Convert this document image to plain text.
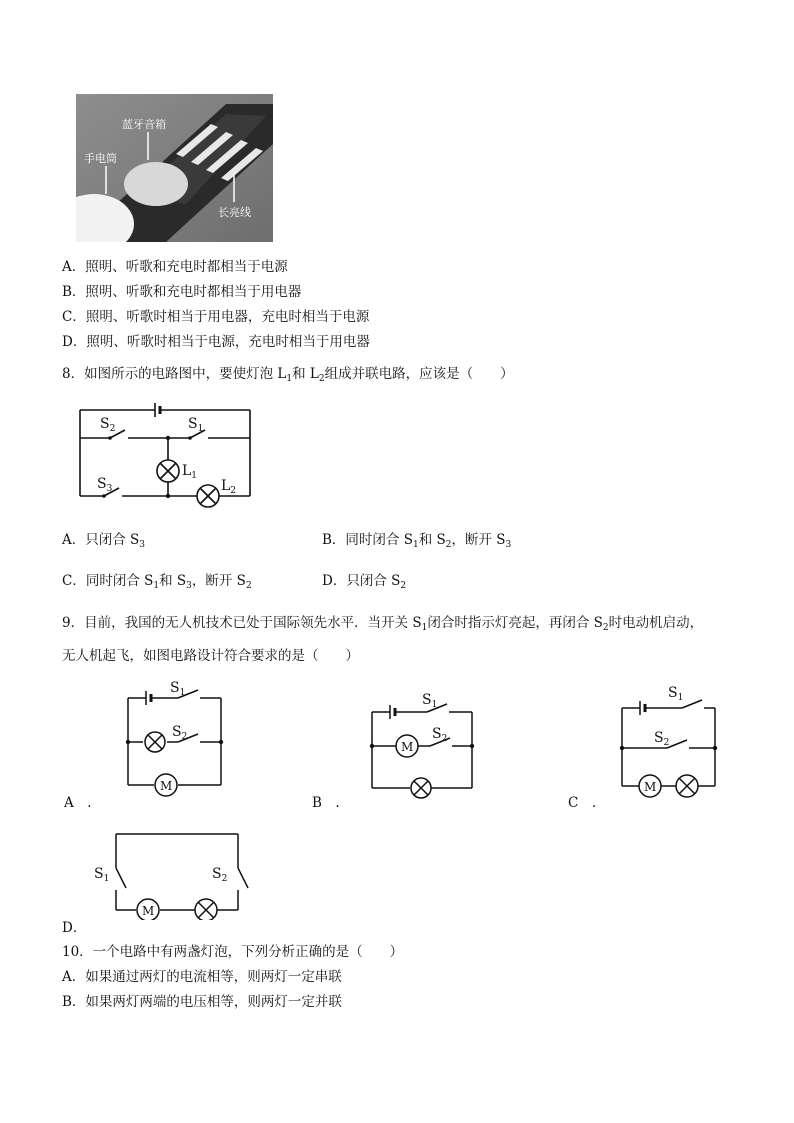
蓝牙音箱
手电筒
长亮线
A．照明、听歌和充电时都相当于电源
B．照明、听歌和充电时都相当于用电器
C．照明、听歌时相当于用电器，充电时相当于电源
D．照明、听歌时相当于电源，充电时相当于用电器
8．如图所示的电路图中，要使灯泡 $L_1$和 $L_2$组成并联电路，应该是（　　）
$S_2$	$S_1$
$S_3$
$L_1$
$L_2$
A．只闭合 $S_3$	B．同时闭合 $S_1$和 $S_2$，断开 $S_3$
C．同时闭合 $S_1$和 $S_3$，断开 $S_2$	D．只闭合 $S_2$
9．目前，我国的无人机技术已处于国际领先水平．当开关 $S_1$闭合时指示灯亮起，再闭合 $S_2$时电动机启动，
无人机起飞，如图电路设计符合要求的是（　　）
$S_1$
$S_2$
M
A　.
$S_1$
$S_2$
M
B　.
$S_1$
$S_2$
M
C　.
$S_1$	$S_2$
M
D．
10．一个电路中有两盏灯泡，下列分析正确的是（　　）
A．如果通过两灯的电流相等，则两灯一定串联
B．如果两灯两端的电压相等，则两灯一定并联
